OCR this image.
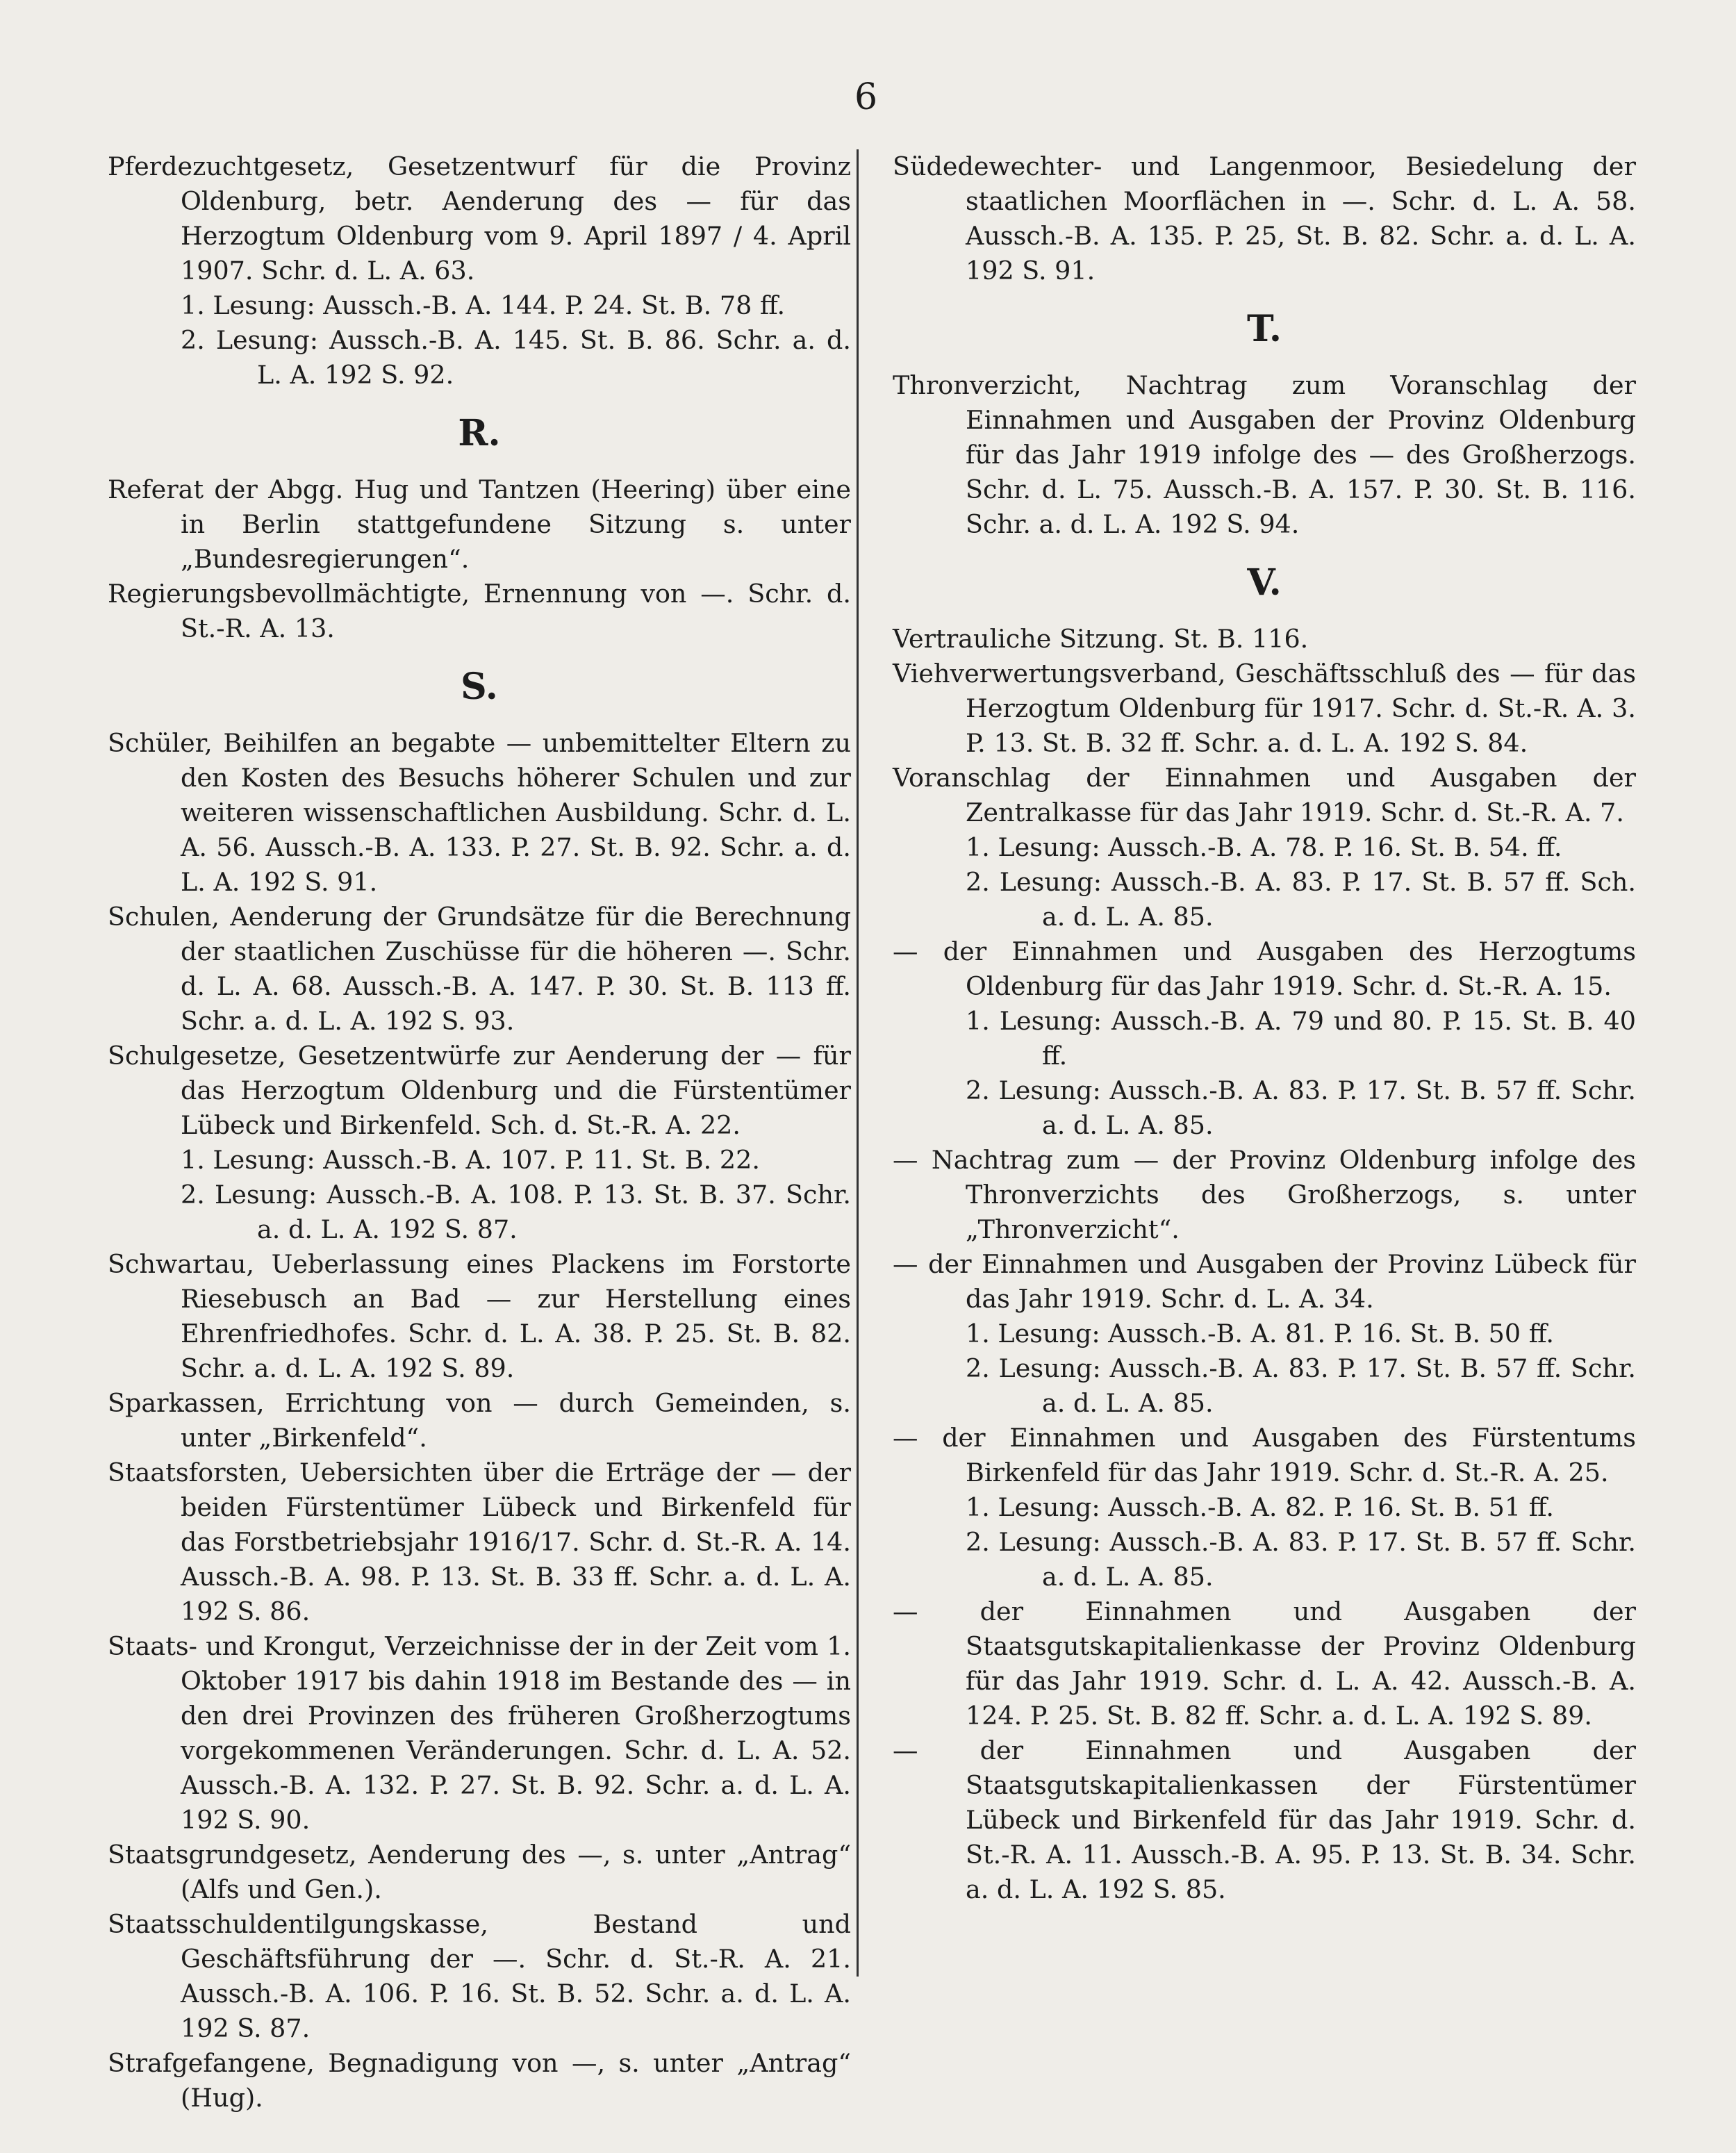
6
Pferdezuchtgesetz, Gesetzentwurf für die Provinz Oldenburg, betr. Aenderung des — für das Herzogtum Oldenburg vom 9. April 1897 / 4. April 1907. Schr. d. L. A. 63.
1. Lesung: Aussch.-B. A. 144. P. 24. St. B. 78 ff.
2. Lesung: Aussch.-B. A. 145. St. B. 86. Schr. a. d. L. A. 192 S. 92.
R.
Referat der Abgg. Hug und Tantzen (Heering) über eine in Berlin stattgefundene Sitzung s. unter „Bundesregierungen“.
Regierungsbevollmächtigte, Ernennung von —. Schr. d. St.-R. A. 13.
S.
Schüler, Beihilfen an begabte — unbemittelter Eltern zu den Kosten des Besuchs höherer Schulen und zur weiteren wissenschaftlichen Ausbildung. Schr. d. L. A. 56. Aussch.-B. A. 133. P. 27. St. B. 92. Schr. a. d. L. A. 192 S. 91.
Schulen, Aenderung der Grundsätze für die Berechnung der staatlichen Zuschüsse für die höheren —. Schr. d. L. A. 68. Aussch.-B. A. 147. P. 30. St. B. 113 ff. Schr. a. d. L. A. 192 S. 93.
Schulgesetze, Gesetzentwürfe zur Aenderung der — für das Herzogtum Oldenburg und die Fürstentümer Lübeck und Birkenfeld. Sch. d. St.-R. A. 22.
1. Lesung: Aussch.-B. A. 107. P. 11. St. B. 22.
2. Lesung: Aussch.-B. A. 108. P. 13. St. B. 37. Schr. a. d. L. A. 192 S. 87.
Schwartau, Ueberlassung eines Plackens im Forstorte Riesebusch an Bad — zur Herstellung eines Ehrenfriedhofes. Schr. d. L. A. 38. P. 25. St. B. 82. Schr. a. d. L. A. 192 S. 89.
Sparkassen, Errichtung von — durch Gemeinden, s. unter „Birkenfeld“.
Staatsforsten, Uebersichten über die Erträge der — der beiden Fürstentümer Lübeck und Birkenfeld für das Forstbetriebsjahr 1916/17. Schr. d. St.-R. A. 14. Aussch.-B. A. 98. P. 13. St. B. 33 ff. Schr. a. d. L. A. 192 S. 86.
Staats- und Krongut, Verzeichnisse der in der Zeit vom 1. Oktober 1917 bis dahin 1918 im Bestande des — in den drei Provinzen des früheren Großherzogtums vorgekommenen Veränderungen. Schr. d. L. A. 52. Aussch.-B. A. 132. P. 27. St. B. 92. Schr. a. d. L. A. 192 S. 90.
Staatsgrundgesetz, Aenderung des —, s. unter „Antrag“ (Alfs und Gen.).
Staatsschuldentilgungskasse, Bestand und Geschäftsführung der —. Schr. d. St.-R. A. 21. Aussch.-B. A. 106. P. 16. St. B. 52. Schr. a. d. L. A. 192 S. 87.
Strafgefangene, Begnadigung von —, s. unter „Antrag“ (Hug).
Südedewechter- und Langenmoor, Besiedelung der staatlichen Moorflächen in —. Schr. d. L. A. 58. Aussch.-B. A. 135. P. 25, St. B. 82. Schr. a. d. L. A. 192 S. 91.
T.
Thronverzicht, Nachtrag zum Voranschlag der Einnahmen und Ausgaben der Provinz Oldenburg für das Jahr 1919 infolge des — des Großherzogs. Schr. d. L. 75. Aussch.-B. A. 157. P. 30. St. B. 116. Schr. a. d. L. A. 192 S. 94.
V.
Vertrauliche Sitzung. St. B. 116.
Viehverwertungsverband, Geschäftsschluß des — für das Herzogtum Oldenburg für 1917. Schr. d. St.-R. A. 3. P. 13. St. B. 32 ff. Schr. a. d. L. A. 192 S. 84.
Voranschlag der Einnahmen und Ausgaben der Zentralkasse für das Jahr 1919. Schr. d. St.-R. A. 7.
1. Lesung: Aussch.-B. A. 78. P. 16. St. B. 54. ff.
2. Lesung: Aussch.-B. A. 83. P. 17. St. B. 57 ff. Sch. a. d. L. A. 85.
— der Einnahmen und Ausgaben des Herzogtums Oldenburg für das Jahr 1919. Schr. d. St.-R. A. 15.
1. Lesung: Aussch.-B. A. 79 und 80. P. 15. St. B. 40 ff.
2. Lesung: Aussch.-B. A. 83. P. 17. St. B. 57 ff. Schr. a. d. L. A. 85.
— Nachtrag zum — der Provinz Oldenburg infolge des Thronverzichts des Großherzogs, s. unter „Thronverzicht“.
— der Einnahmen und Ausgaben der Provinz Lübeck für das Jahr 1919. Schr. d. L. A. 34.
1. Lesung: Aussch.-B. A. 81. P. 16. St. B. 50 ff.
2. Lesung: Aussch.-B. A. 83. P. 17. St. B. 57 ff. Schr. a. d. L. A. 85.
— der Einnahmen und Ausgaben des Fürstentums Birkenfeld für das Jahr 1919. Schr. d. St.-R. A. 25.
1. Lesung: Aussch.-B. A. 82. P. 16. St. B. 51 ff.
2. Lesung: Aussch.-B. A. 83. P. 17. St. B. 57 ff. Schr. a. d. L. A. 85.
— der Einnahmen und Ausgaben der Staatsgutskapitalienkasse der Provinz Oldenburg für das Jahr 1919. Schr. d. L. A. 42. Aussch.-B. A. 124. P. 25. St. B. 82 ff. Schr. a. d. L. A. 192 S. 89.
— der Einnahmen und Ausgaben der Staatsgutskapitalienkassen der Fürstentümer Lübeck und Birkenfeld für das Jahr 1919. Schr. d. St.-R. A. 11. Aussch.-B. A. 95. P. 13. St. B. 34. Schr. a. d. L. A. 192 S. 85.
